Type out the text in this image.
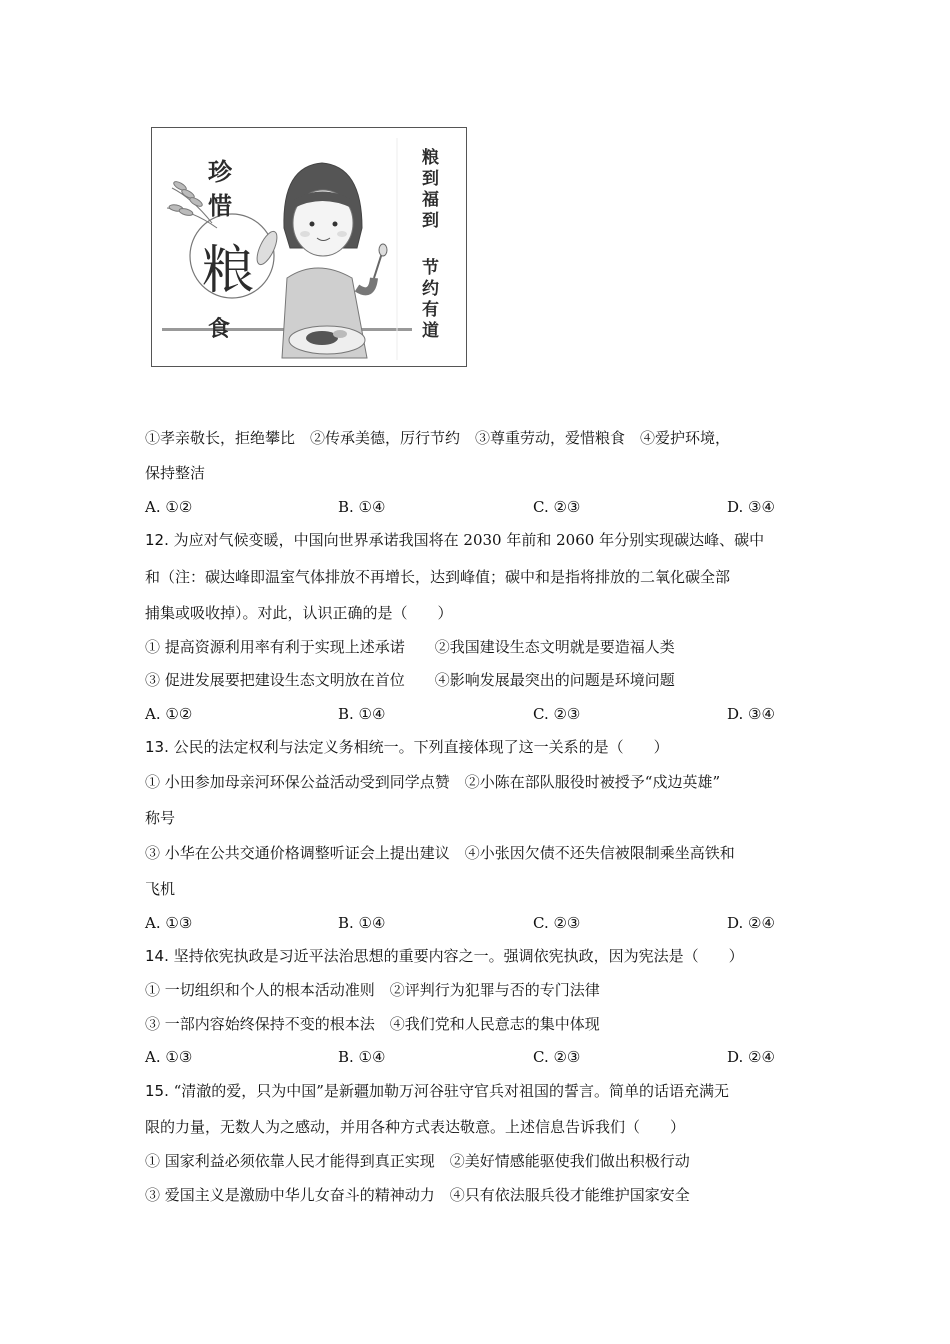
珍
惜
粮
食
粮到福到
节约有道
①孝亲敬长，拒绝攀比　②传承美德，厉行节约　③尊重劳动，爱惜粮食　④爱护环境，
保持整洁
A. ①②	B. ①④	C. ②③	D. ③④
12. 为应对气候变暖，中国向世界承诺我国将在 2030 年前和 2060 年分别实现碳达峰、碳中
和（注：碳达峰即温室气体排放不再增长，达到峰值；碳中和是指将排放的二氧化碳全部
捕集或吸收掉）。对此，认识正确的是（　　）
① 提高资源利用率有利于实现上述承诺　　②我国建设生态文明就是要造福人类
③ 促进发展要把建设生态文明放在首位　　④影响发展最突出的问题是环境问题
A. ①②	B. ①④	C. ②③	D. ③④
13. 公民的法定权利与法定义务相统一。下列直接体现了这一关系的是（　　）
① 小田参加母亲河环保公益活动受到同学点赞　②小陈在部队服役时被授予“戍边英雄”
称号
③ 小华在公共交通价格调整听证会上提出建议　④小张因欠债不还失信被限制乘坐高铁和
飞机
A. ①③	B. ①④	C. ②③	D. ②④
14. 坚持依宪执政是习近平法治思想的重要内容之一。强调依宪执政，因为宪法是（　　）
① 一切组织和个人的根本活动准则　②评判行为犯罪与否的专门法律
③ 一部内容始终保持不变的根本法　④我们党和人民意志的集中体现
A. ①③	B. ①④	C. ②③	D. ②④
15. “清澈的爱，只为中国”是新疆加勒万河谷驻守官兵对祖国的誓言。简单的话语充满无
限的力量，无数人为之感动，并用各种方式表达敬意。上述信息告诉我们（　　）
① 国家利益必须依靠人民才能得到真正实现　②美好情感能驱使我们做出积极行动
③ 爱国主义是激励中华儿女奋斗的精神动力　④只有依法服兵役才能维护国家安全
